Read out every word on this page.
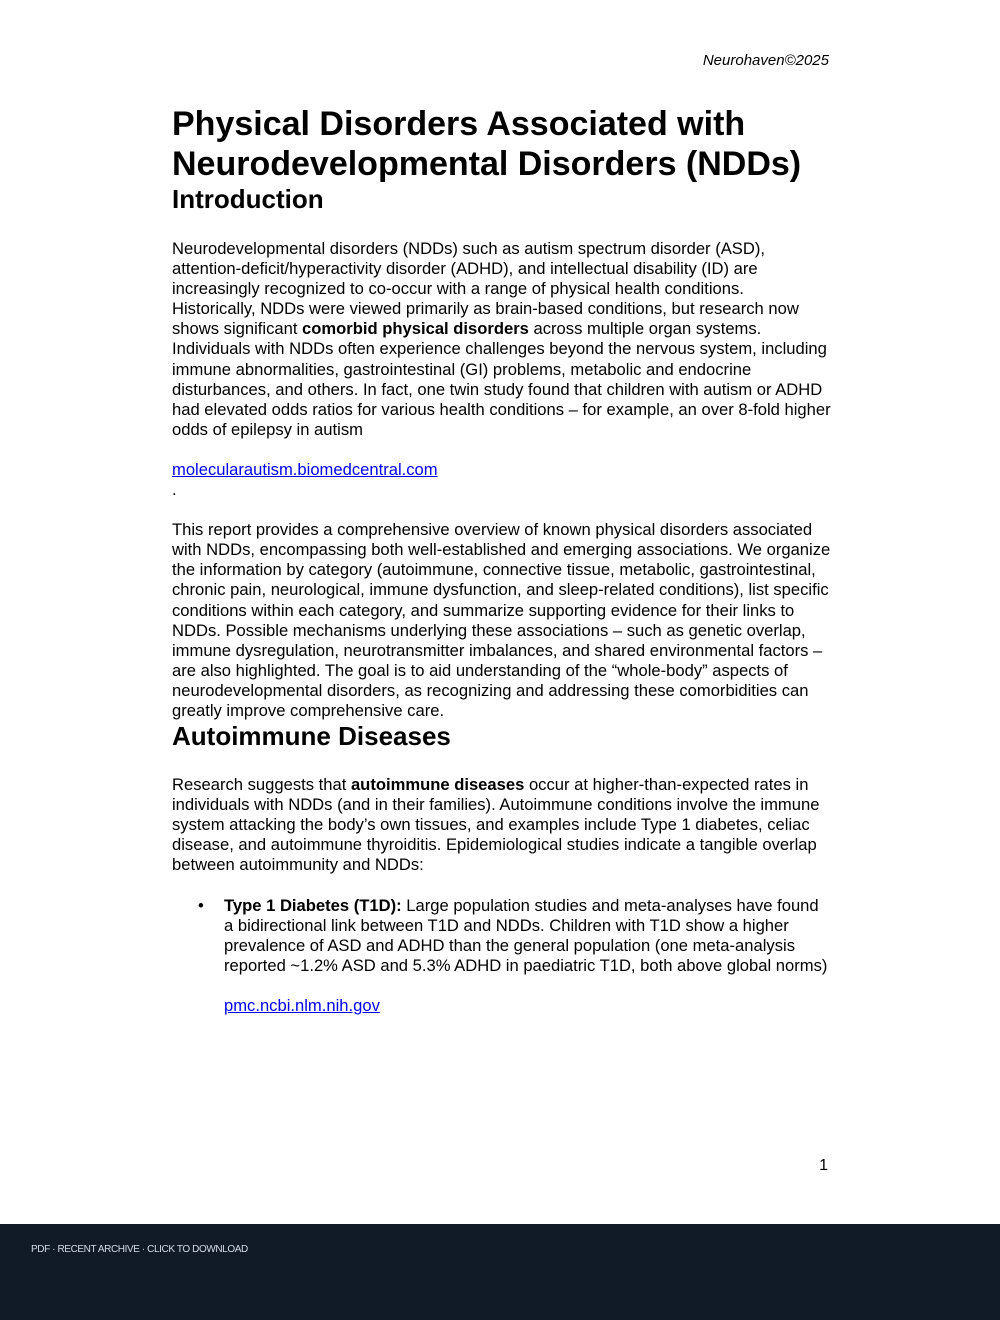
Neurohaven©2025
Physical Disorders Associated with
Neurodevelopmental Disorders (NDDs)
Introduction

Neurodevelopmental disorders (NDDs) such as autism spectrum disorder (ASD), attention-deficit/hyperactivity disorder (ADHD), and intellectual disability (ID) are increasingly recognized to co-occur with a range of physical health conditions. Historically, NDDs were viewed primarily as brain-based conditions, but research now shows significant comorbid physical disorders across multiple organ systems. Individuals with NDDs often experience challenges beyond the nervous system, including immune abnormalities, gastrointestinal (GI) problems, metabolic and endocrine disturbances, and others. In fact, one twin study found that children with autism or ADHD had elevated odds ratios for various health conditions – for example, an over 8-fold higher odds of epilepsy in autism

molecularautism.biomedcentral.com
.

This report provides a comprehensive overview of known physical disorders associated with NDDs, encompassing both well-established and emerging associations. We organize the information by category (autoimmune, connective tissue, metabolic, gastrointestinal, chronic pain, neurological, immune dysfunction, and sleep-related conditions), list specific conditions within each category, and summarize supporting evidence for their links to NDDs. Possible mechanisms underlying these associations – such as genetic overlap, immune dysregulation, neurotransmitter imbalances, and shared environmental factors – are also highlighted. The goal is to aid understanding of the “whole-body” aspects of neurodevelopmental disorders, as recognizing and addressing these comorbidities can greatly improve comprehensive care.

Autoimmune Diseases

Research suggests that autoimmune diseases occur at higher-than-expected rates in individuals with NDDs (and in their families). Autoimmune conditions involve the immune system attacking the body’s own tissues, and examples include Type 1 diabetes, celiac disease, and autoimmune thyroiditis. Epidemiological studies indicate a tangible overlap between autoimmunity and NDDs:

• Type 1 Diabetes (T1D): Large population studies and meta-analyses have found a bidirectional link between T1D and NDDs. Children with T1D show a higher prevalence of ASD and ADHD than the general population (one meta-analysis reported ~1.2% ASD and 5.3% ADHD in paediatric T1D, both above global norms)

pmc.ncbi.nlm.nih.gov

1
PDF · RECENT ARCHIVE · CLICK TO DOWNLOAD
